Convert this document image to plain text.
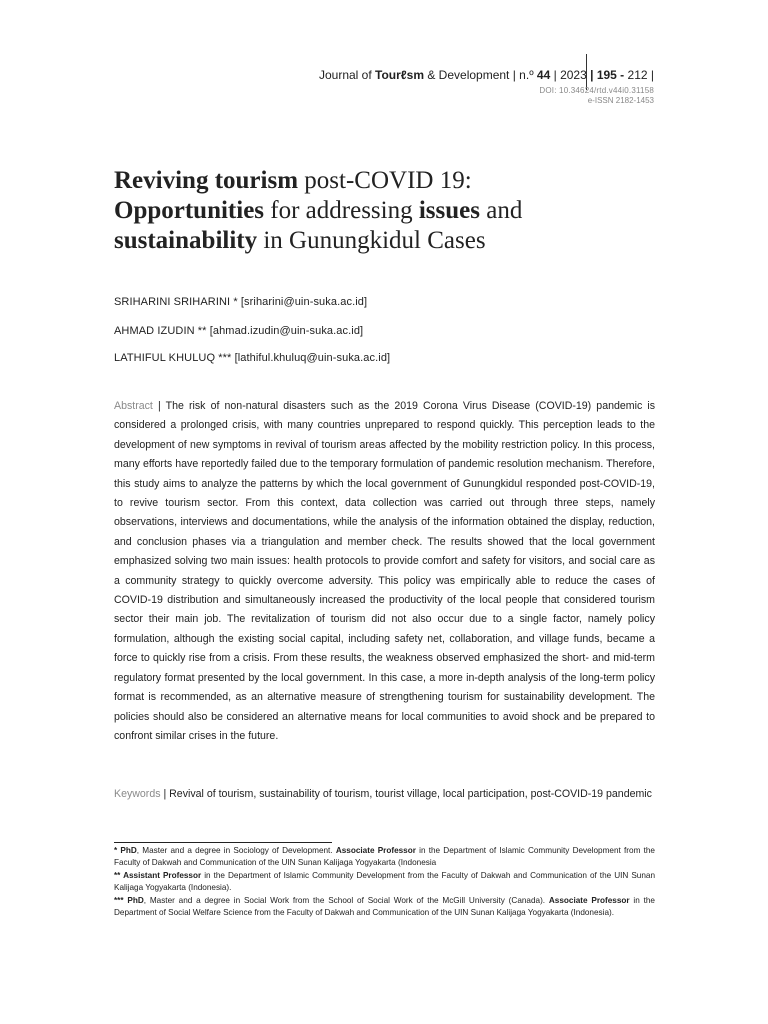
Journal of Tourℓsm & Development | n.º 44 | 2023 | 195 - 212 |
DOI: 10.34624/rtd.v44i0.31158
e-ISSN 2182-1453
Reviving tourism post-COVID 19:
Opportunities for addressing issues and
sustainability in Gunungkidul Cases
SRIHARINI SRIHARINI * [sriharini@uin-suka.ac.id]
AHMAD IZUDIN ** [ahmad.izudin@uin-suka.ac.id]
LATHIFUL KHULUQ *** [lathiful.khuluq@uin-suka.ac.id]
Abstract | The risk of non-natural disasters such as the 2019 Corona Virus Disease (COVID-19) pandemic is considered a prolonged crisis, with many countries unprepared to respond quickly. This perception leads to the development of new symptoms in revival of tourism areas affected by the mobility restriction policy. In this process, many efforts have reportedly failed due to the temporary formulation of pandemic resolution mechanism. Therefore, this study aims to analyze the patterns by which the local government of Gunungkidul responded post-COVID-19, to revive tourism sector. From this context, data collection was carried out through three steps, namely observations, interviews and documentations, while the analysis of the information obtained the display, reduction, and conclusion phases via a triangulation and member check. The results showed that the local government emphasized solving two main issues: health protocols to provide comfort and safety for visitors, and social care as a community strategy to quickly overcome adversity. This policy was empirically able to reduce the cases of COVID-19 distribution and simultaneously increased the productivity of the local people that considered tourism sector their main job. The revitalization of tourism did not also occur due to a single factor, namely policy formulation, although the existing social capital, including safety net, collaboration, and village funds, became a force to quickly rise from a crisis. From these results, the weakness observed emphasized the short- and mid-term regulatory format presented by the local government. In this case, a more in-depth analysis of the long-term policy format is recommended, as an alternative measure of strengthening tourism for sustainability development. The policies should also be considered an alternative means for local communities to avoid shock and be prepared to confront similar crises in the future.
Keywords | Revival of tourism, sustainability of tourism, tourist village, local participation, post-COVID-19 pandemic
* PhD, Master and a degree in Sociology of Development. Associate Professor in the Department of Islamic Community Development from the Faculty of Dakwah and Communication of the UIN Sunan Kalijaga Yogyakarta (Indonesia
** Assistant Professor in the Department of Islamic Community Development from the Faculty of Dakwah and Communication of the UIN Sunan Kalijaga Yogyakarta (Indonesia).
*** PhD, Master and a degree in Social Work from the School of Social Work of the McGill University (Canada). Associate Professor in the Department of Social Welfare Science from the Faculty of Dakwah and Communication of the UIN Sunan Kalijaga Yogyakarta (Indonesia).
